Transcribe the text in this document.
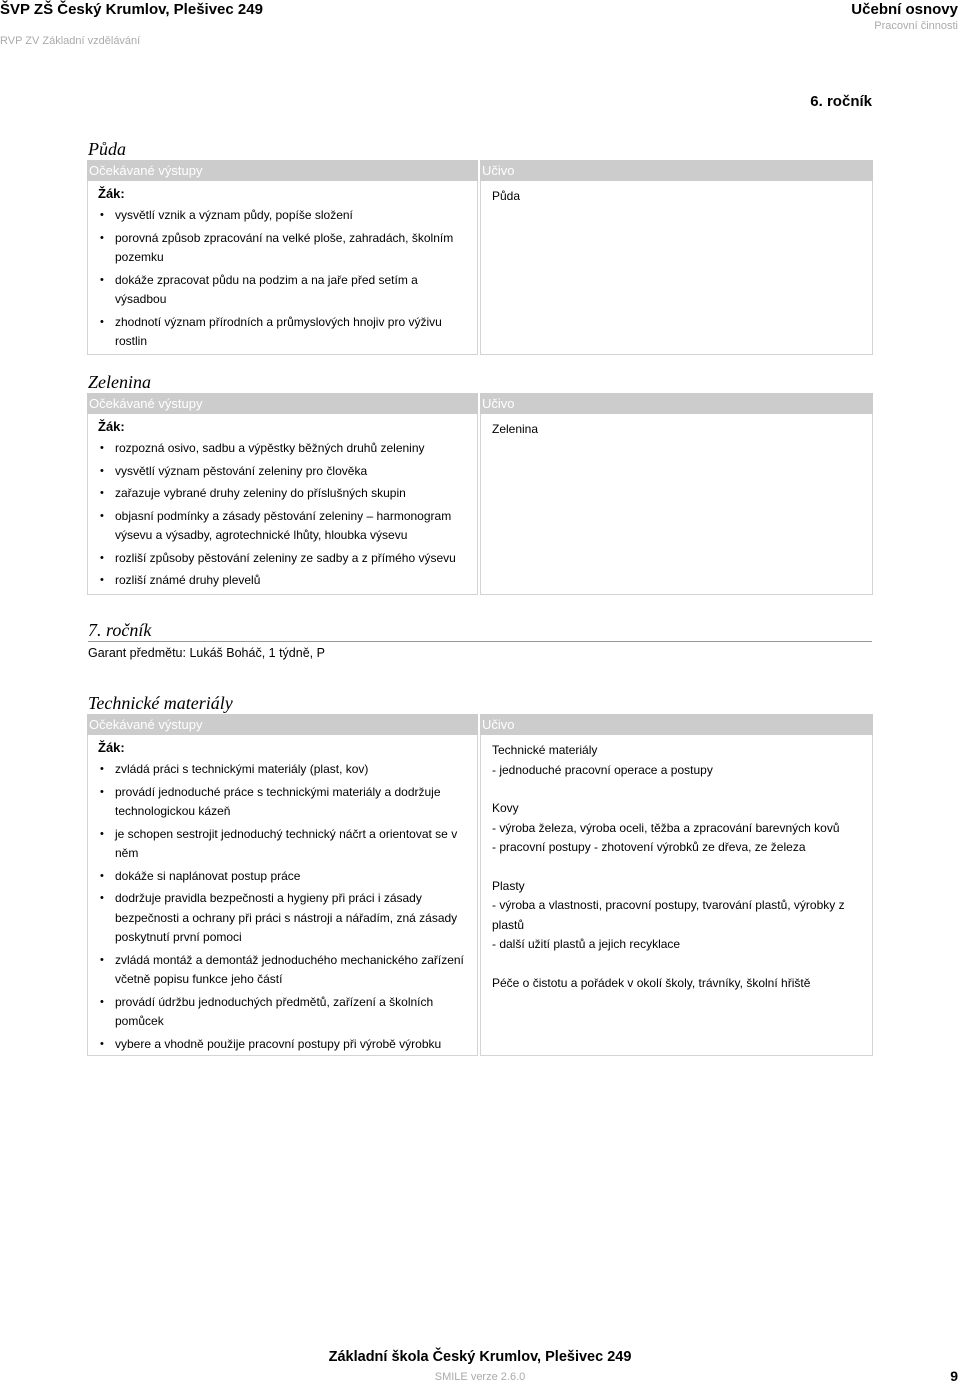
ŠVP ZŠ Český Krumlov, Plešivec 249
RVP ZV Základní vzdělávání
Učební osnovy
Pracovní činnosti
6. ročník
Půda
Očekávané výstupy
Žák:
• vysvětlí vznik a význam půdy, popíše složení
• porovná způsob zpracování na velké ploše, zahradách, školním pozemku
• dokáže zpracovat půdu na podzim a na jaře před setím a výsadbou
• zhodnotí význam přírodních a průmyslových hnojiv pro výživu rostlin
Učivo

Půda

Zelenina
Očekávané výstupy
Žák:
• rozpozná osivo, sadbu a výpěstky běžných druhů zeleniny
• vysvětlí význam pěstování zeleniny pro člověka
• zařazuje vybrané druhy zeleniny do příslušných skupin
• objasní podmínky a zásady pěstování zeleniny – harmonogram výsevu a výsadby, agrotechnické lhůty, hloubka výsevu
• rozliší způsoby pěstování zeleniny ze sadby a z přímého výsevu
• rozliší známé druhy plevelů
Učivo

Zelenina

7. ročník
Garant předmětu: Lukáš Boháč, 1 týdně, P
Technické materiály
Očekávané výstupy
Žák:
• zvládá práci s technickými materiály (plast, kov)
• provádí jednoduché práce s technickými materiály a dodržuje technologickou kázeň
• je schopen sestrojit jednoduchý technický náčrt a orientovat se v něm
• dokáže si naplánovat postup práce
• dodržuje pravidla bezpečnosti a hygieny při práci i zásady bezpečnosti a ochrany při práci s nástroji a nářadím, zná zásady poskytnutí první pomoci
• zvládá montáž a demontáž jednoduchého mechanického zařízení včetně popisu funkce jeho částí
• provádí údržbu jednoduchých předmětů, zařízení a školních pomůcek
• vybere a vhodně použije pracovní postupy při výrobě výrobku
Učivo

Technické materiály

- jednoduché pracovní operace a postupy

Kovy

- výroba železa, výroba oceli, těžba a zpracování barevných kovů

- pracovní postupy - zhotovení výrobků ze dřeva, ze železa

Plasty

- výroba a vlastnosti, pracovní postupy, tvarování plastů, výrobky z plastů

- další užití plastů a jejich recyklace

Péče o čistotu a pořádek v okolí školy, trávníky, školní hřiště

Základní škola Český Krumlov, Plešivec 249
SMILE verze 2.6.0	9
